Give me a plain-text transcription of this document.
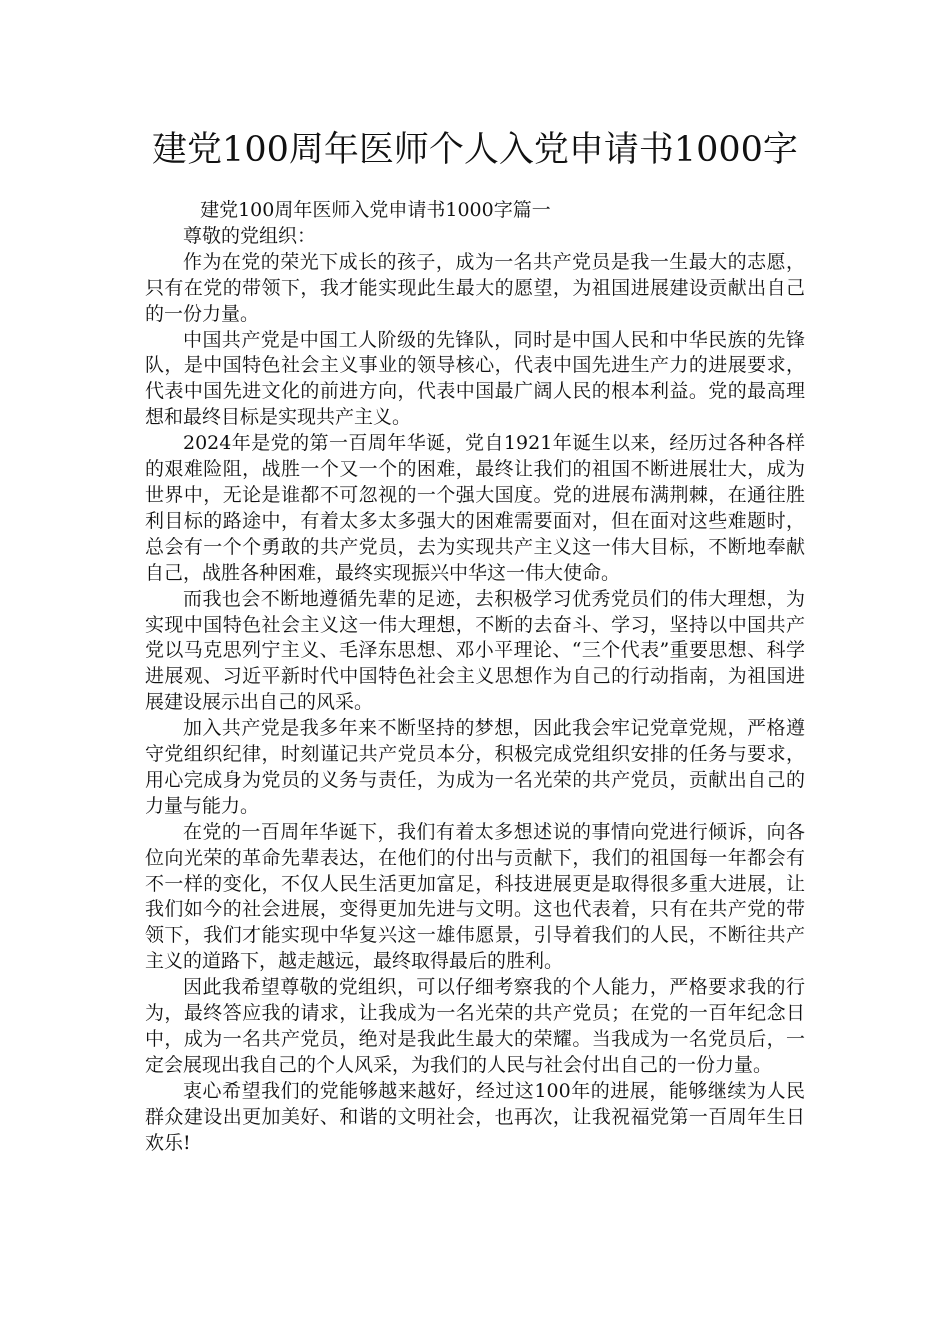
建党100周年医师个人入党申请书1000字

建党100周年医师入党申请书1000字篇一

尊敬的党组织：

作为在党的荣光下成长的孩子，成为一名共产党员是我一生最大的志愿，只有在党的带领下，我才能实现此生最大的愿望，为祖国进展建设贡献出自己的一份力量。

中国共产党是中国工人阶级的先锋队，同时是中国人民和中华民族的先锋队，是中国特色社会主义事业的领导核心，代表中国先进生产力的进展要求，代表中国先进文化的前进方向，代表中国最广阔人民的根本利益。党的最高理想和最终目标是实现共产主义。

2024年是党的第一百周年华诞，党自1921年诞生以来，经历过各种各样的艰难险阻，战胜一个又一个的困难，最终让我们的祖国不断进展壮大，成为世界中，无论是谁都不可忽视的一个强大国度。党的进展布满荆棘，在通往胜利目标的路途中，有着太多太多强大的困难需要面对，但在面对这些难题时，总会有一个个勇敢的共产党员，去为实现共产主义这一伟大目标，不断地奉献自己，战胜各种困难，最终实现振兴中华这一伟大使命。

而我也会不断地遵循先辈的足迹，去积极学习优秀党员们的伟大理想，为实现中国特色社会主义这一伟大理想，不断的去奋斗、学习，坚持以中国共产党以马克思列宁主义、毛泽东思想、邓小平理论、“三个代表”重要思想、科学进展观、习近平新时代中国特色社会主义思想作为自己的行动指南，为祖国进展建设展示出自己的风采。

加入共产党是我多年来不断坚持的梦想，因此我会牢记党章党规，严格遵守党组织纪律，时刻谨记共产党员本分，积极完成党组织安排的任务与要求，用心完成身为党员的义务与责任，为成为一名光荣的共产党员，贡献出自己的力量与能力。

在党的一百周年华诞下，我们有着太多想述说的事情向党进行倾诉，向各位向光荣的革命先辈表达，在他们的付出与贡献下，我们的祖国每一年都会有不一样的变化，不仅人民生活更加富足，科技进展更是取得很多重大进展，让我们如今的社会进展，变得更加先进与文明。这也代表着，只有在共产党的带领下，我们才能实现中华复兴这一雄伟愿景，引导着我们的人民，不断往共产主义的道路下，越走越远，最终取得最后的胜利。

因此我希望尊敬的党组织，可以仔细考察我的个人能力，严格要求我的行为，最终答应我的请求，让我成为一名光荣的共产党员；在党的一百年纪念日中，成为一名共产党员，绝对是我此生最大的荣耀。当我成为一名党员后，一定会展现出我自己的个人风采，为我们的人民与社会付出自己的一份力量。

衷心希望我们的党能够越来越好，经过这100年的进展，能够继续为人民群众建设出更加美好、和谐的文明社会，也再次，让我祝福党第一百周年生日欢乐!
